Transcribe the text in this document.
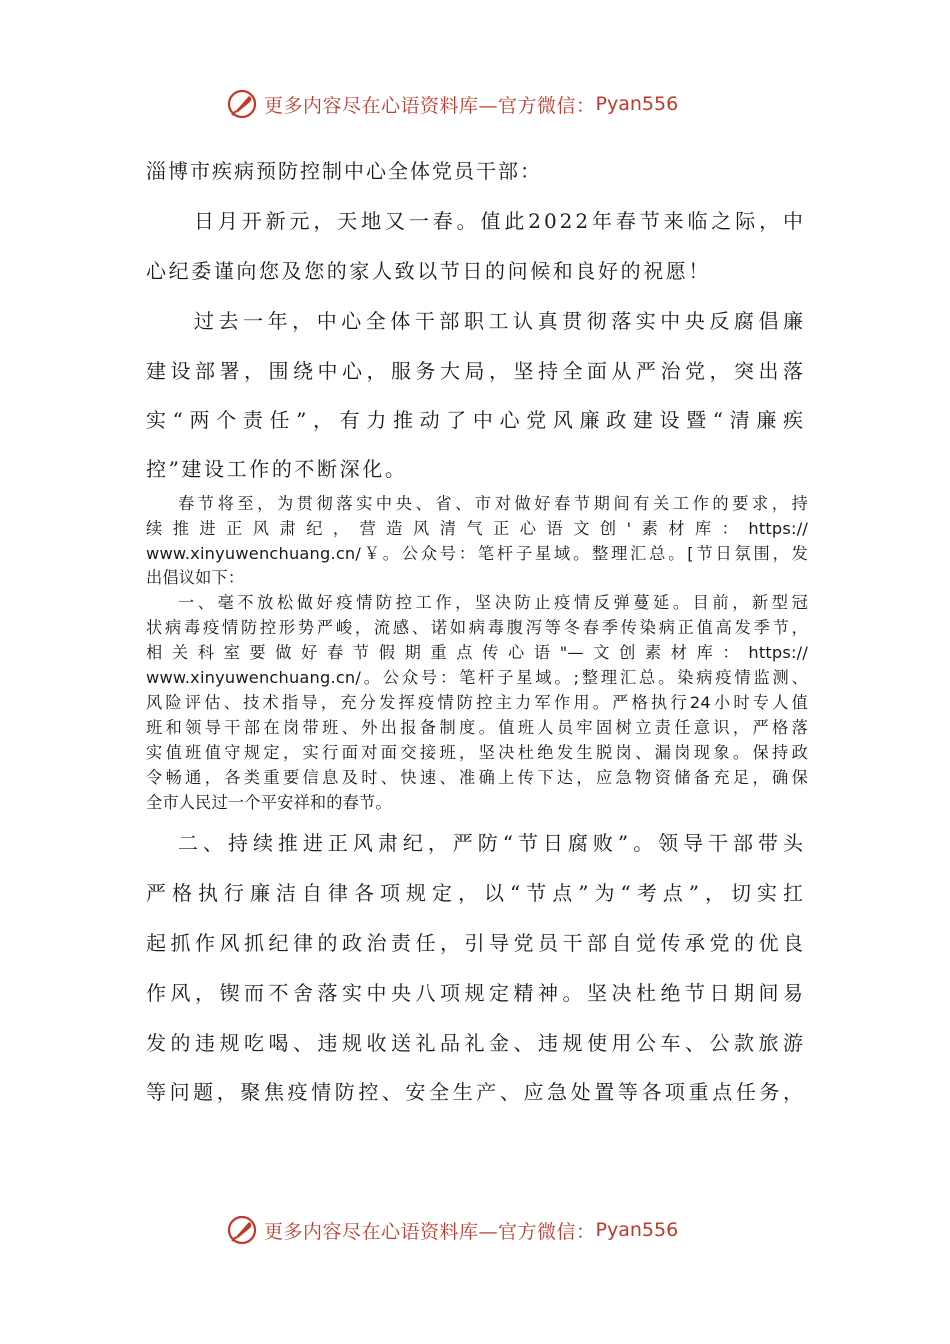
更多内容尽在心语资料库—官方微信： Pyan556
淄博市疾病预防控制中心全体党员干部：
日月开新元，天地又一春。值此2022年春节来临之际，中
心纪委谨向您及您的家人致以节日的问候和良好的祝愿！
过去一年，中心全体干部职工认真贯彻落实中央反腐倡廉
建设部署，围绕中心，服务大局，坚持全面从严治党，突出落
实“两个责任”，有力推动了中心党风廉政建设暨“清廉疾
控”建设工作的不断深化。
春节将至，为贯彻落实中央、省、市对做好春节期间有关工作的要求，持
续推进正风肃纪，营造风清气正心语文创'素材库：https://
www.xinyuwenchuang.cn/￥。公众号：笔杆子星域。整理汇总。[节日氛围，发
出倡议如下：
一、毫不放松做好疫情防控工作，坚决防止疫情反弹蔓延。目前，新型冠
状病毒疫情防控形势严峻，流感、诺如病毒腹泻等冬春季传染病正值高发季节，
相关科室要做好春节假期重点传心语"—文创素材库：https://
www.xinyuwenchuang.cn/。公众号：笔杆子星域。;整理汇总。染病疫情监测、
风险评估、技术指导，充分发挥疫情防控主力军作用。严格执行24小时专人值
班和领导干部在岗带班、外出报备制度。值班人员牢固树立责任意识，严格落
实值班值守规定，实行面对面交接班，坚决杜绝发生脱岗、漏岗现象。保持政
令畅通，各类重要信息及时、快速、准确上传下达，应急物资储备充足，确保
全市人民过一个平安祥和的春节。
二、持续推进正风肃纪，严防“节日腐败”。领导干部带头
严格执行廉洁自律各项规定，以“节点”为“考点”，切实扛
起抓作风抓纪律的政治责任，引导党员干部自觉传承党的优良
作风，锲而不舍落实中央八项规定精神。坚决杜绝节日期间易
发的违规吃喝、违规收送礼品礼金、违规使用公车、公款旅游
等问题，聚焦疫情防控、安全生产、应急处置等各项重点任务，
更多内容尽在心语资料库—官方微信： Pyan556
